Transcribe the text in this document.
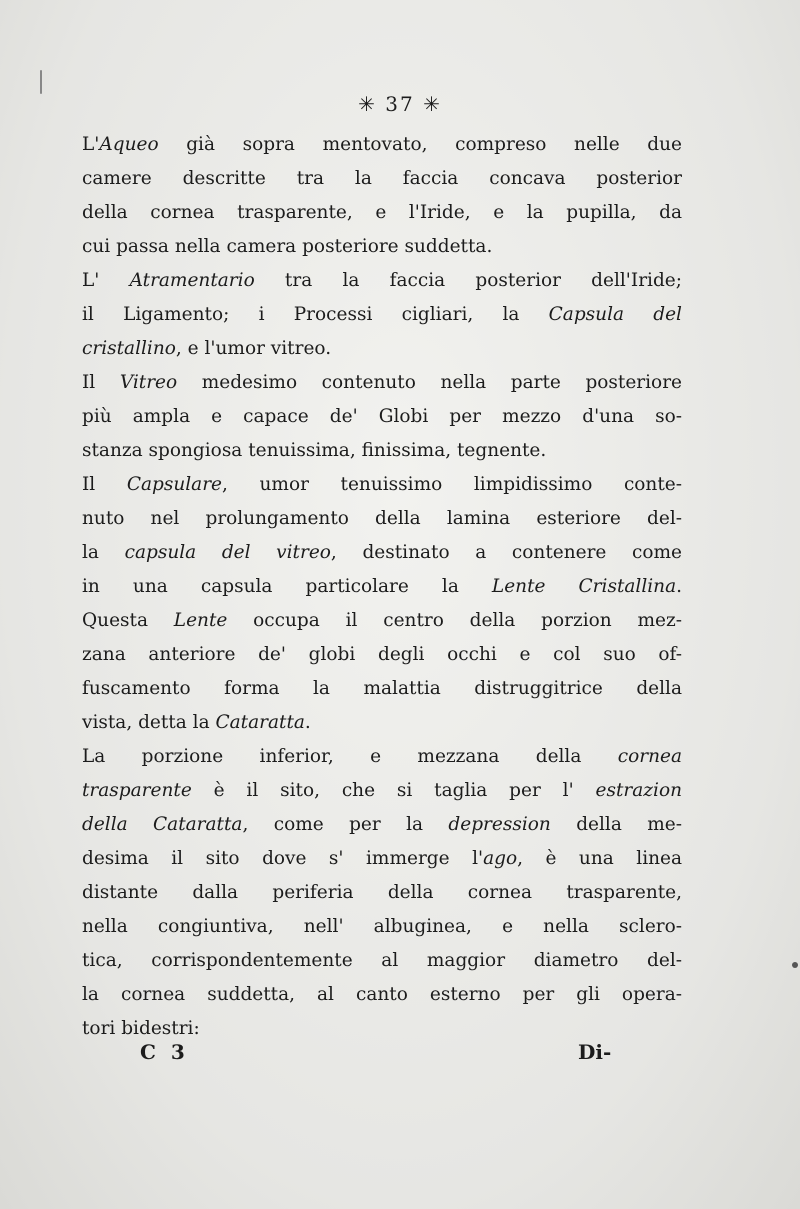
✳ 37 ✳
L'Aqueo già sopra mentovato, compreso nelle due
camere descritte tra la faccia concava posterior
della cornea trasparente, e l'Iride, e la pupilla, da
cui passa nella camera posteriore suddetta.
L' Atramentario tra la faccia posterior dell'Iride;
il Ligamento; i Processi cigliari, la Capsula del
cristallino, e l'umor vitreo.
Il Vitreo medesimo contenuto nella parte posteriore
più ampla e capace de' Globi per mezzo d'una so-
stanza spongiosa tenuissima, finissima, tegnente.
Il Capsulare, umor tenuissimo limpidissimo conte-
nuto nel prolungamento della lamina esteriore del-
la capsula del vitreo, destinato a contenere come
in una capsula particolare la Lente Cristallina.
Questa Lente occupa il centro della porzion mez-
zana anteriore de' globi degli occhi e col suo of-
fuscamento forma la malattia distruggitrice della
vista, detta la Cataratta.
La porzione inferior, e mezzana della cornea
trasparente è il sito, che si taglia per l' estrazion
della Cataratta, come per la depression della me-
desima il sito dove s' immerge l'ago, è una linea
distante dalla periferia della cornea trasparente,
nella congiuntiva, nell' albuginea, e nella sclero-
tica, corrispondentemente al maggior diametro del-
la cornea suddetta, al canto esterno per gli opera-
tori bidestri:
C 3	Di-
